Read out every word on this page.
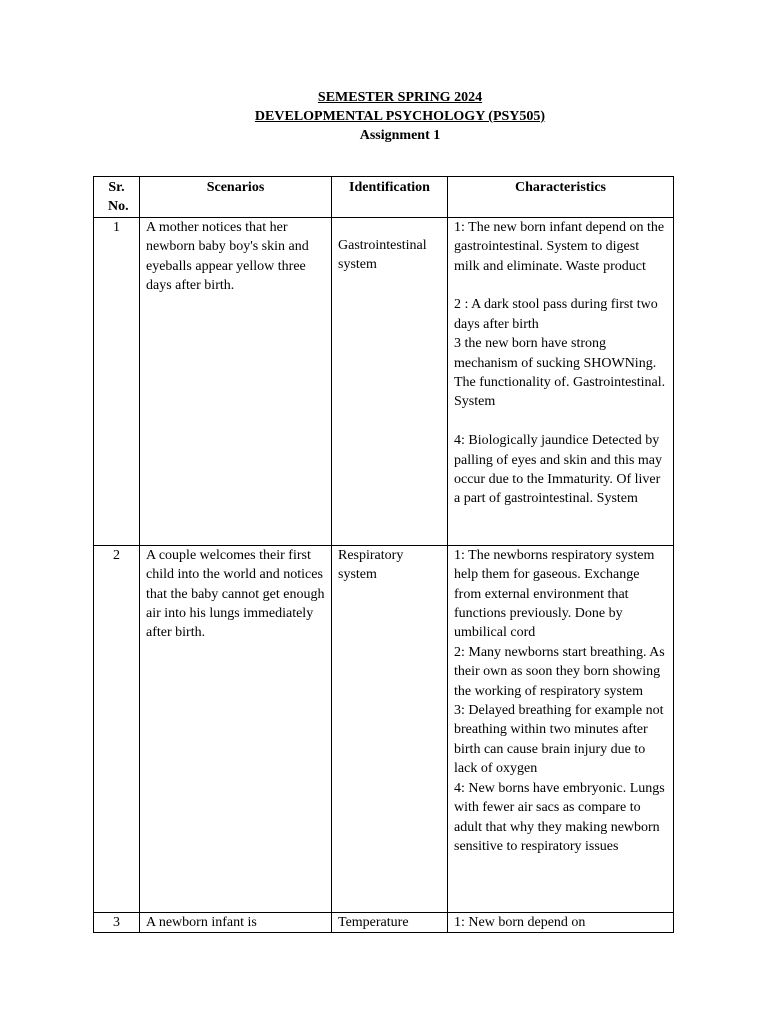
SEMESTER SPRING 2024
DEVELOPMENTAL PSYCHOLOGY (PSY505)
Assignment 1
Sr. No.	Scenarios	Identification	Characteristics
1	A mother notices that her newborn baby boy's skin and eyeballs appear yellow three days after birth.	Gastrointestinal system	1: The new born infant depend on the gastrointestinal. System to digest milk and eliminate. Waste product
2 : A dark stool pass during first two days after birth
3 the new born have strong mechanism of sucking SHOWNing. The functionality of. Gastrointestinal. System
4: Biologically jaundice Detected by palling of eyes and skin and this may occur due to the Immaturity. Of liver a part of gastrointestinal. System

2	A couple welcomes their first child into the world and notices that the baby cannot get enough air into his lungs immediately after birth.	Respiratory system	1: The newborns respiratory system help them for gaseous. Exchange from external environment that functions previously. Done by umbilical cord
2: Many newborns start breathing. As their own as soon they born showing the working of respiratory system
3: Delayed breathing for example not breathing within two minutes after birth can cause brain injury due to lack of oxygen
4: New borns have embryonic. Lungs with fewer air sacs as compare to adult that why they making newborn sensitive to respiratory issues

3	A newborn infant is	Temperature	1: New born depend on
